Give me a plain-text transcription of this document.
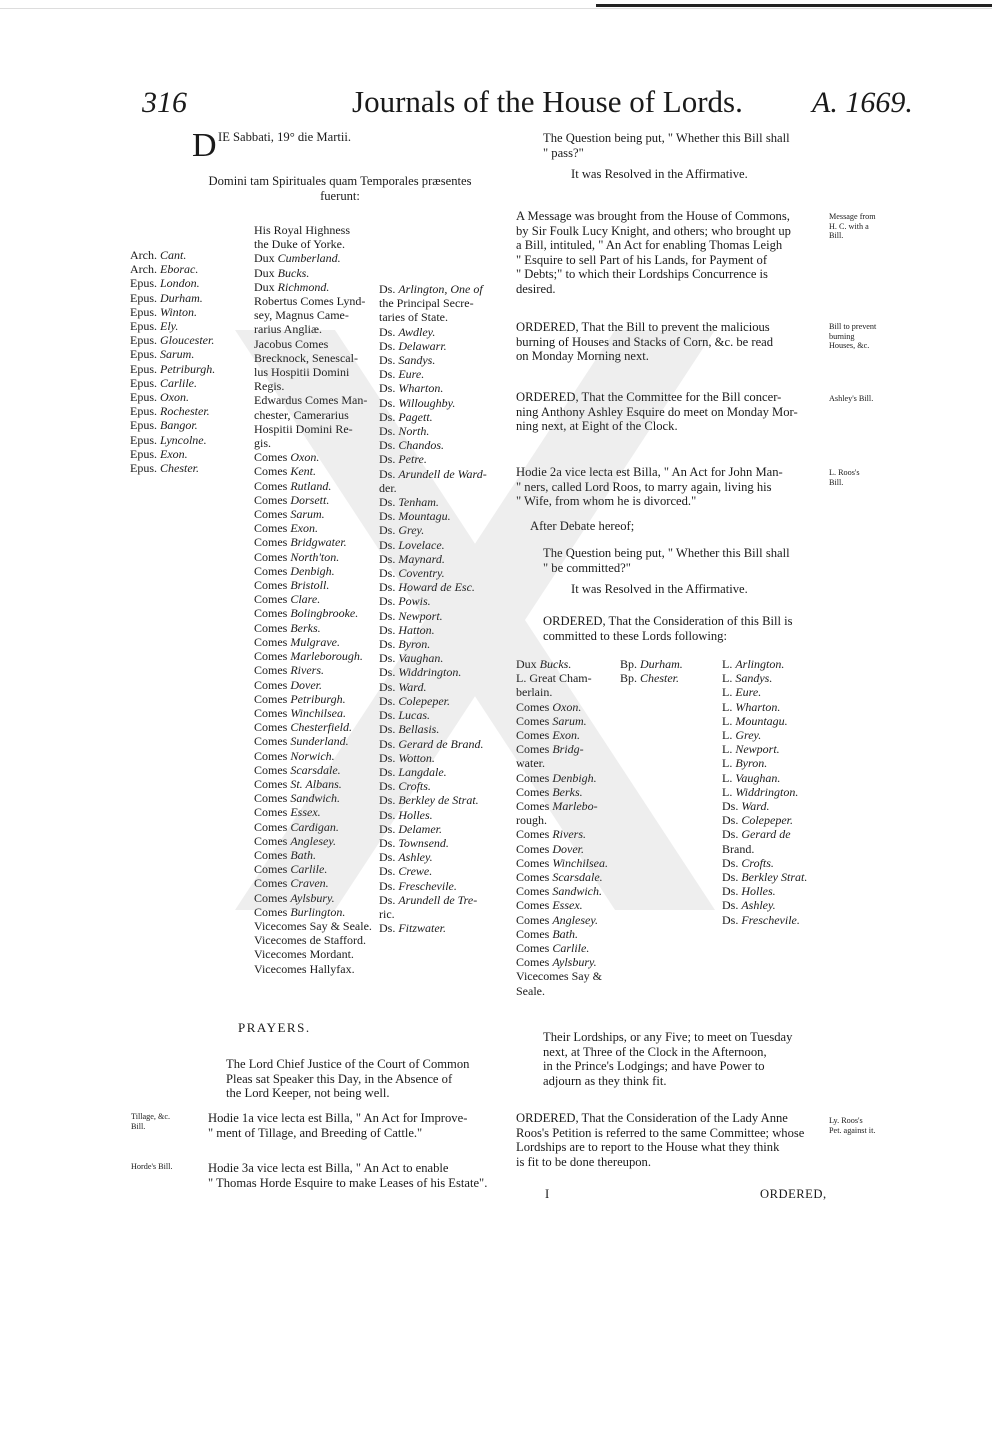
316	Journals of the House of Lords. A. 1669.
D IE Sabbati, 19° die Martii.
Domini tam Spirituales quam Temporales præsentes fuerunt:
Arch. Cant.
Arch. Eborac.
Epus. London.
Epus. Durham.
Epus. Winton.
Epus. Ely.
Epus. Gloucester.
Epus. Sarum.
Epus. Petriburgh.
Epus. Carlile.
Epus. Oxon.
Epus. Rochester.
Epus. Bangor.
Epus. Lyncolne.
Epus. Exon.
Epus. Chester.
His Royal Highness
the Duke of Yorke.
Dux Cumberland.
Dux Bucks.
Dux Richmond.
Robertus Comes Lynd-
sey, Magnus Came-
rarius Angliæ.
Jacobus Comes
Brecknock, Senescal-
lus Hospitii Domini
Regis.
Edwardus Comes Man-
chester, Camerarius
Hospitii Domini Re-
gis.
Comes Oxon.
Comes Kent.
Comes Rutland.
Comes Dorsett.
Comes Sarum.
Comes Exon.
Comes Bridgwater.
Comes North'ton.
Comes Denbigh.
Comes Bristoll.
Comes Clare.
Comes Bolingbrooke.
Comes Berks.
Comes Mulgrave.
Comes Marleborough.
Comes Rivers.
Comes Dover.
Comes Petriburgh.
Comes Winchilsea.
Comes Chesterfield.
Comes Sunderland.
Comes Norwich.
Comes Scarsdale.
Comes St. Albans.
Comes Sandwich.
Comes Essex.
Comes Cardigan.
Comes Anglesey.
Comes Bath.
Comes Carlile.
Comes Craven.
Comes Aylsbury.
Comes Burlington.
Vicecomes Say & Seale.
Vicecomes de Stafford.
Vicecomes Mordant.
Vicecomes Hallyfax.
Ds. Arlington, One of
the Principal Secre-
taries of State.
Ds. Awdley.
Ds. Delawarr.
Ds. Sandys.
Ds. Eure.
Ds. Wharton.
Ds. Willoughby.
Ds. Pagett.
Ds. North.
Ds. Chandos.
Ds. Petre.
Ds. Arundell de Ward-
der.
Ds. Tenham.
Ds. Mountagu.
Ds. Grey.
Ds. Lovelace.
Ds. Maynard.
Ds. Coventry.
Ds. Howard de Esc.
Ds. Powis.
Ds. Newport.
Ds. Hatton.
Ds. Byron.
Ds. Vaughan.
Ds. Widdrington.
Ds. Ward.
Ds. Colepeper.
Ds. Lucas.
Ds. Bellasis.
Ds. Gerard de Brand.
Ds. Wotton.
Ds. Langdale.
Ds. Crofts.
Ds. Berkley de Strat.
Ds. Holles.
Ds. Delamer.
Ds. Townsend.
Ds. Ashley.
Ds. Crewe.
Ds. Freschevile.
Ds. Arundell de Tre-
ric.
Ds. Fitzwater.
PRAYERS.
The Lord Chief Justice of the Court of Common
Pleas sat Speaker this Day, in the Absence of
the Lord Keeper, not being well.
Tillage, &c.
Bill.
Hodie 1a vice lecta est Billa, " An Act for Improve-
" ment of Tillage, and Breeding of Cattle."
Horde's Bill.	Hodie 3a vice lecta est Billa, " An Act to enable
" Thomas Horde Esquire to make Leases of his Estate".
The Question being put, " Whether this Bill shall
" pass?"
It was Resolved in the Affirmative.
A Message was brought from the House of Commons,
by Sir Foulk Lucy Knight, and others; who brought up
a Bill, intituled, " An Act for enabling Thomas Leigh
" Esquire to sell Part of his Lands, for Payment of
" Debts;" to which their Lordships Concurrence is
desired.
Message from
H. C. with a
Bill.
ORDERED, That the Bill to prevent the malicious
burning of Houses and Stacks of Corn, &c. be read
on Monday Morning next.
Bill to prevent
burning
Houses, &c.
ORDERED, That the Committee for the Bill concer-
ning Anthony Ashley Esquire do meet on Monday Mor-
ning next, at Eight of the Clock.
Ashley's Bill.
Hodie 2a vice lecta est Billa, " An Act for John Man-
" ners, called Lord Roos, to marry again, living his
" Wife, from whom he is divorced."
L. Roos's
Bill.
After Debate hereof;
The Question being put, " Whether this Bill shall
" be committed?"
It was Resolved in the Affirmative.
ORDERED, That the Consideration of this Bill is
committed to these Lords following:
Dux Bucks.
L. Great Cham-
berlain.
Comes Oxon.
Comes Sarum.
Comes Exon.
Comes Bridg-
water.
Comes Denbigh.
Comes Berks.
Comes Marlebo-
rough.
Comes Rivers.
Comes Dover.
Comes Winchilsea.
Comes Scarsdale.
Comes Sandwich.
Comes Essex.
Comes Anglesey.
Comes Bath.
Comes Carlile.
Comes Aylsbury.
Vicecomes Say &
Seale.
Bp. Durham.
Bp. Chester.
L. Arlington.
L. Sandys.
L. Eure.
L. Wharton.
L. Mountagu.
L. Grey.
L. Newport.
L. Byron.
L. Vaughan.
L. Widdrington.
Ds. Ward.
Ds. Colepeper.
Ds. Gerard de
Brand.
Ds. Crofts.
Ds. Berkley Strat.
Ds. Holles.
Ds. Ashley.
Ds. Freschevile.
Their Lordships, or any Five; to meet on Tuesday
next, at Three of the Clock in the Afternoon,
in the Prince's Lodgings; and have Power to
adjourn as they think fit.
ORDERED, That the Consideration of the Lady Anne
Roos's Petition is referred to the same Committee; whose
Lordships are to report to the House what they think
is fit to be done thereupon.
Ly. Roos's
Pet. against it.
I	ORDERED,
